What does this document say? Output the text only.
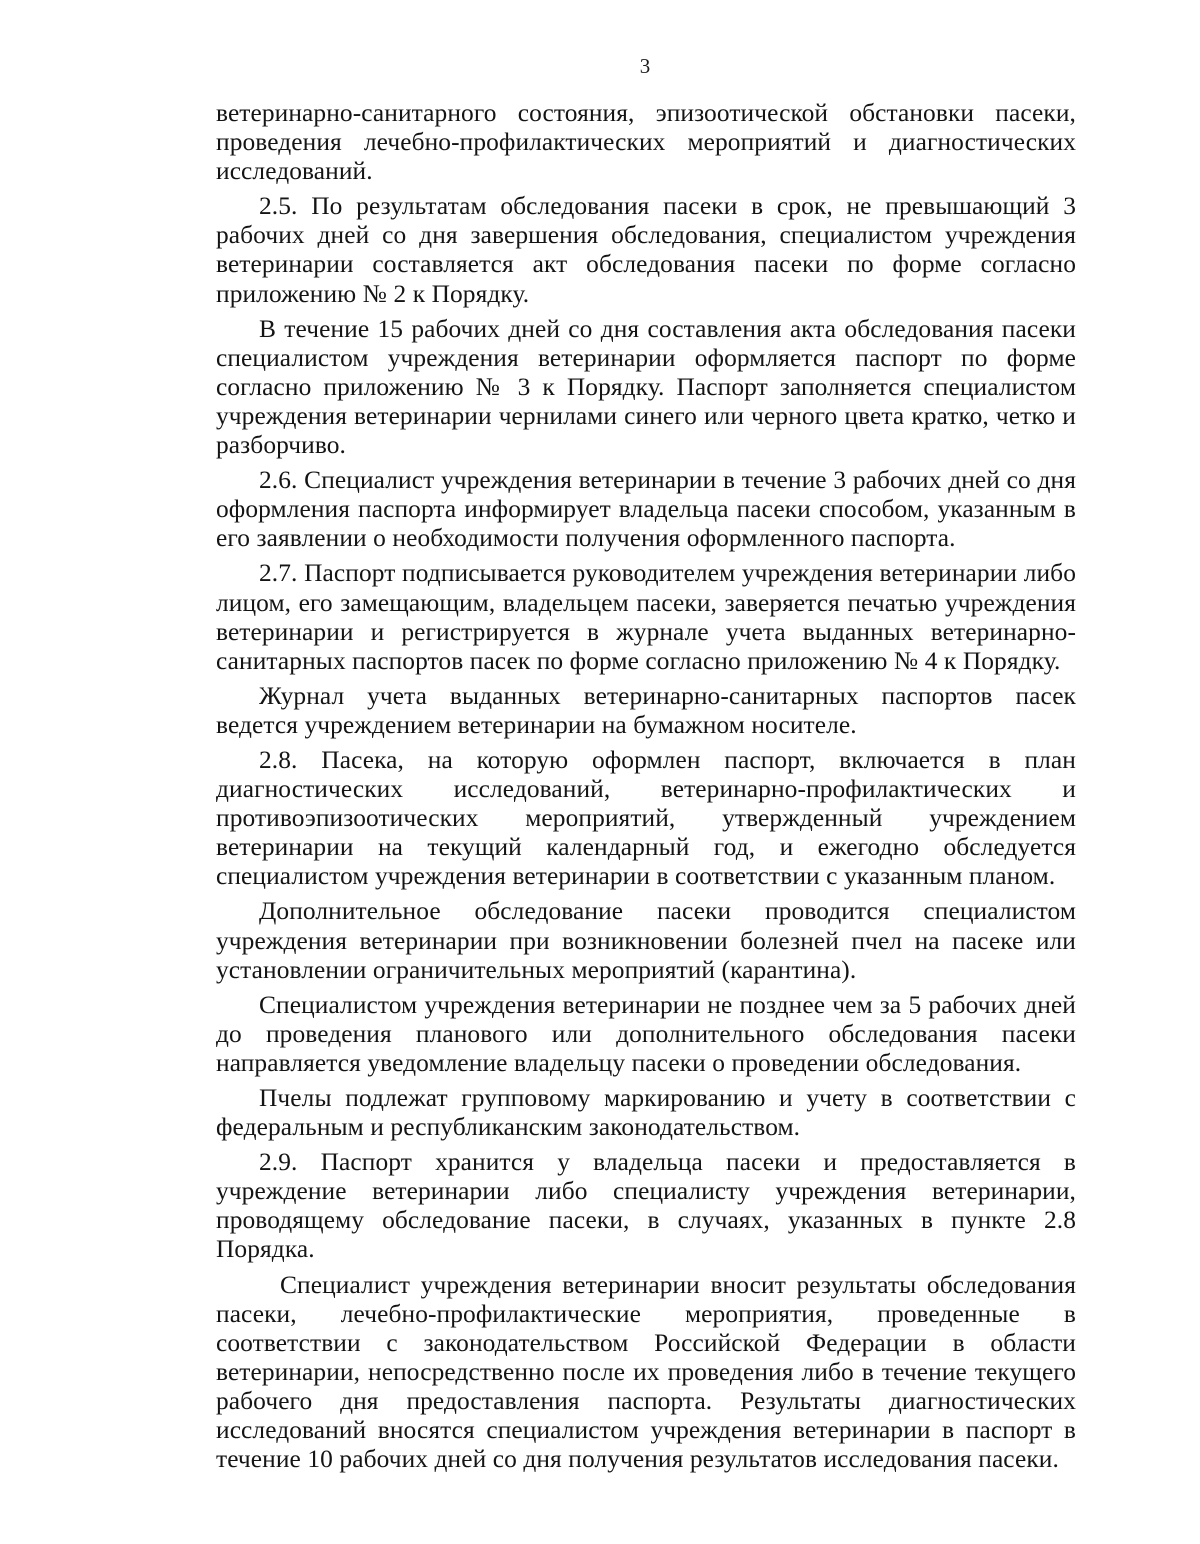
3

ветеринарно-санитарного состояния, эпизоотической обстановки пасеки, проведения лечебно-профилактических мероприятий и диагностических исследований.

2.5. По результатам обследования пасеки в срок, не превышающий 3 рабочих дней со дня завершения обследования, специалистом учреждения ветеринарии составляется акт обследования пасеки по форме согласно приложению № 2 к Порядку.

В течение 15 рабочих дней со дня составления акта обследования пасеки специалистом учреждения ветеринарии оформляется паспорт по форме согласно приложению № 3 к Порядку. Паспорт заполняется специалистом учреждения ветеринарии чернилами синего или черного цвета кратко, четко и разборчиво.

2.6. Специалист учреждения ветеринарии в течение 3 рабочих дней со дня оформления паспорта информирует владельца пасеки способом, указанным в его заявлении о необходимости получения оформленного паспорта.

2.7. Паспорт подписывается руководителем учреждения ветеринарии либо лицом, его замещающим, владельцем пасеки, заверяется печатью учреждения ветеринарии и регистрируется в журнале учета выданных ветеринарно-санитарных паспортов пасек по форме согласно приложению № 4 к Порядку.

Журнал учета выданных ветеринарно-санитарных паспортов пасек ведется учреждением ветеринарии на бумажном носителе.

2.8. Пасека, на которую оформлен паспорт, включается в план диагностических исследований, ветеринарно-профилактических и противоэпизоотических мероприятий, утвержденный учреждением ветеринарии на текущий календарный год, и ежегодно обследуется специалистом учреждения ветеринарии в соответствии с указанным планом.

Дополнительное обследование пасеки проводится специалистом учреждения ветеринарии при возникновении болезней пчел на пасеке или установлении ограничительных мероприятий (карантина).

Специалистом учреждения ветеринарии не позднее чем за 5 рабочих дней до проведения планового или дополнительного обследования пасеки направляется уведомление владельцу пасеки о проведении обследования.

Пчелы подлежат групповому маркированию и учету в соответствии с федеральным и республиканским законодательством.

2.9. Паспорт хранится у владельца пасеки и предоставляется в учреждение ветеринарии либо специалисту учреждения ветеринарии, проводящему обследование пасеки, в случаях, указанных в пункте 2.8 Порядка.

Специалист учреждения ветеринарии вносит результаты обследования пасеки, лечебно-профилактические мероприятия, проведенные в соответствии с законодательством Российской Федерации в области ветеринарии, непосредственно после их проведения либо в течение текущего рабочего дня предоставления паспорта. Результаты диагностических исследований вносятся специалистом учреждения ветеринарии в паспорт в течение 10 рабочих дней со дня получения результатов исследования пасеки.
